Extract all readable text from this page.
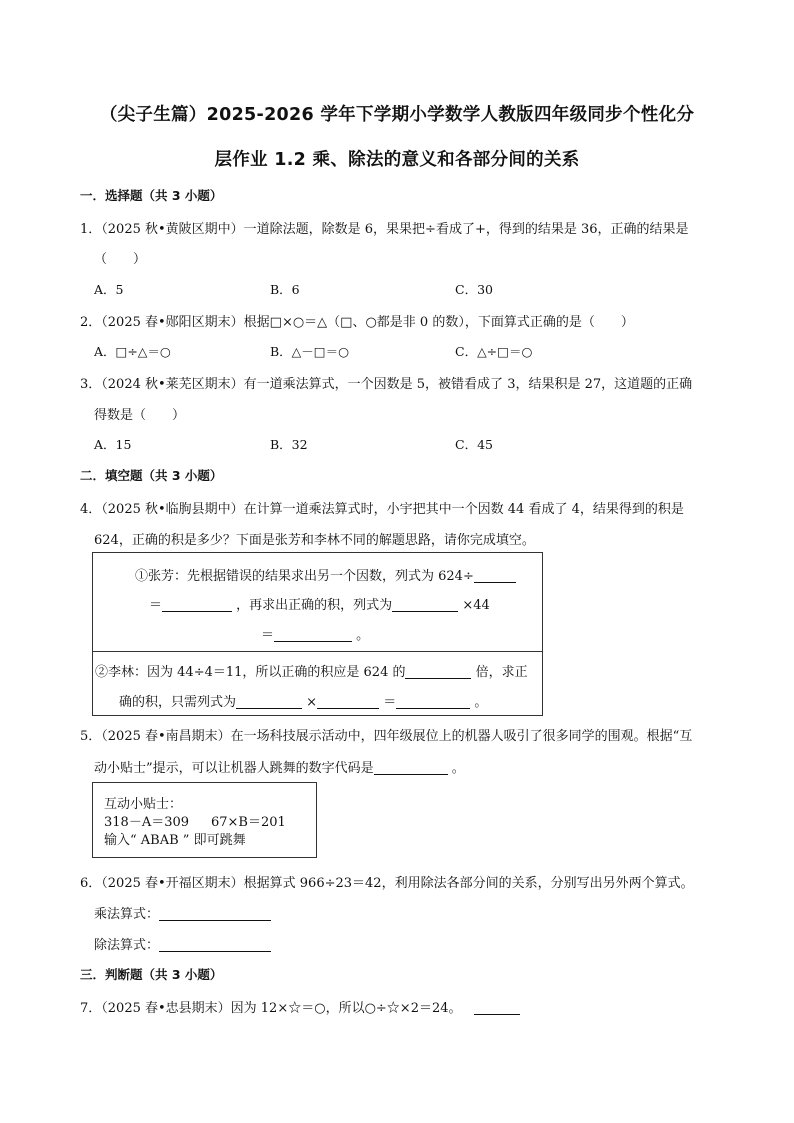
（尖子生篇）2025-2026 学年下学期小学数学人教版四年级同步个性化分
层作业 1.2 乘、除法的意义和各部分间的关系
一．选择题（共 3 小题）
1．（2025 秋•黄陂区期中）一道除法题，除数是 6，果果把÷看成了+，得到的结果是 36，正确的结果是
（　　）
A．5	B．6	C．30
2．（2025 春•郧阳区期末）根据□×○＝△（□、○都是非 0 的数），下面算式正确的是（　　）
A．□÷△＝○	B．△－□＝○	C．△÷□＝○
3．（2024 秋•莱芜区期末）有一道乘法算式，一个因数是 5，被错看成了 3，结果积是 27，这道题的正确
得数是（　　）
A．15	B．32	C．45
二．填空题（共 3 小题）
4．（2025 秋•临朐县期中）在计算一道乘法算式时，小宇把其中一个因数 44 看成了 4，结果得到的积是
624，正确的积是多少？下面是张芳和李林不同的解题思路，请你完成填空。
①张芳：先根据错误的结果求出另一个因数，列式为 624÷
＝	，再求出正确的积，列式为	×44
＝	。
②李林：因为 44÷4＝11，所以正确的积应是 624 的	倍，求正
确的积，只需列式为	×	＝	。
5．（2025 春•南昌期末）在一场科技展示活动中，四年级展位上的机器人吸引了很多同学的围观。根据“互
动小贴士”提示，可以让机器人跳舞的数字代码是	。
互动小贴士：
318－A＝309 67×B＝201
输入“ ABAB ” 即可跳舞
6．（2025 春•开福区期末）根据算式 966÷23＝42，利用除法各部分间的关系，分别写出另外两个算式。
乘法算式：
除法算式：
三．判断题（共 3 小题）
7．（2025 春•忠县期末）因为 12×☆＝○，所以○÷☆×2＝24。
